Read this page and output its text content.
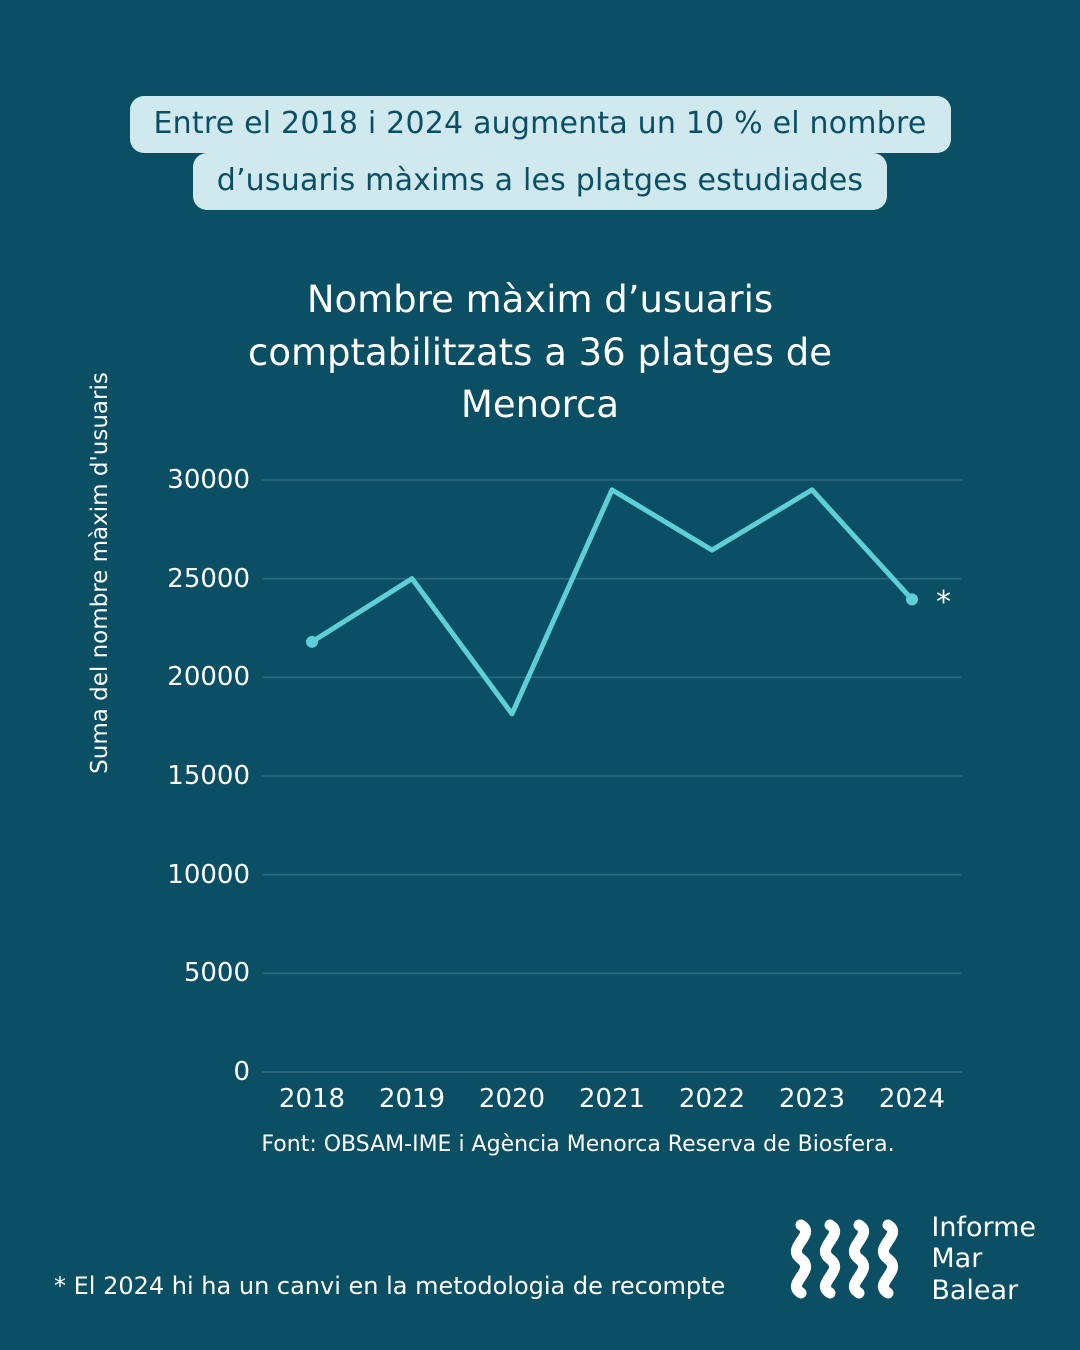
Entre el 2018 i 2024 augmenta un 10 % el nombre
d’usuaris màxims a les platges estudiades
Nombre màxim d’usuaris
comptabilitzats a 36 platges de
Menorca
Suma del nombre màxim d'usuaris
0
5000
10000
15000
20000
25000
30000
2018 2019 2020 2021 2022 2023 2024
*
Font: OBSAM-IME i Agència Menorca Reserva de Biosfera.
* El 2024 hi ha un canvi en la metodologia de recompte
Informe
Mar
Balear
